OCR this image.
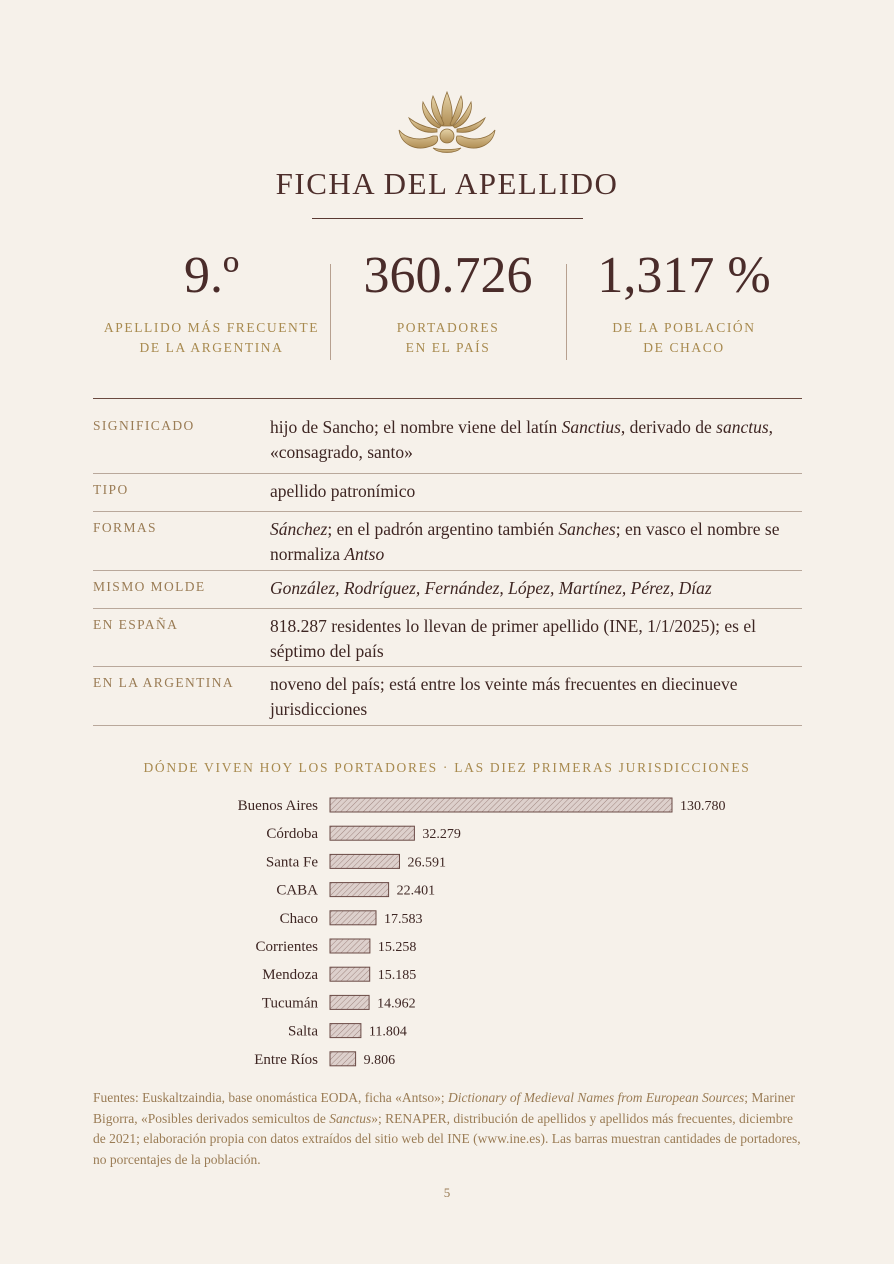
FICHA DEL APELLIDO
9.º
APELLIDO MÁS FRECUENTE
DE LA ARGENTINA
360.726
PORTADORES
EN EL PAÍS
1,317 %
DE LA POBLACIÓN
DE CHACO
SIGNIFICADO	hijo de Sancho; el nombre viene del latín Sanctius, derivado de sanctus, «consagrado, santo»
TIPO	apellido patronímico
FORMAS	Sánchez; en el padrón argentino también Sanches; en vasco el nombre se normaliza Antso
MISMO MOLDE	González, Rodríguez, Fernández, López, Martínez, Pérez, Díaz
EN ESPAÑA	818.287 residentes lo llevan de primer apellido (INE, 1/1/2025); es el séptimo del país
EN LA ARGENTINA noveno del país; está entre los veinte más frecuentes en diecinueve jurisdicciones
DÓNDE VIVEN HOY LOS PORTADORES · LAS DIEZ PRIMERAS JURISDICCIONES
Buenos Aires	130.780
Córdoba	32.279
Santa Fe	26.591
CABA	22.401
Chaco	17.583
Corrientes	15.258
Mendoza	15.185
Tucumán	14.962
Salta	11.804
Entre Ríos	9.806
Fuentes: Euskaltzaindia, base onomástica EODA, ficha «Antso»; Dictionary of Medieval Names from European Sources; Mariner Bigorra, «Posibles derivados semicultos de Sanctus»; RENAPER, distribución de apellidos y apellidos más frecuentes, diciembre de 2021; elaboración propia con datos extraídos del sitio web del INE (www.ine.es). Las barras muestran cantidades de portadores, no porcentajes de la población.
5
